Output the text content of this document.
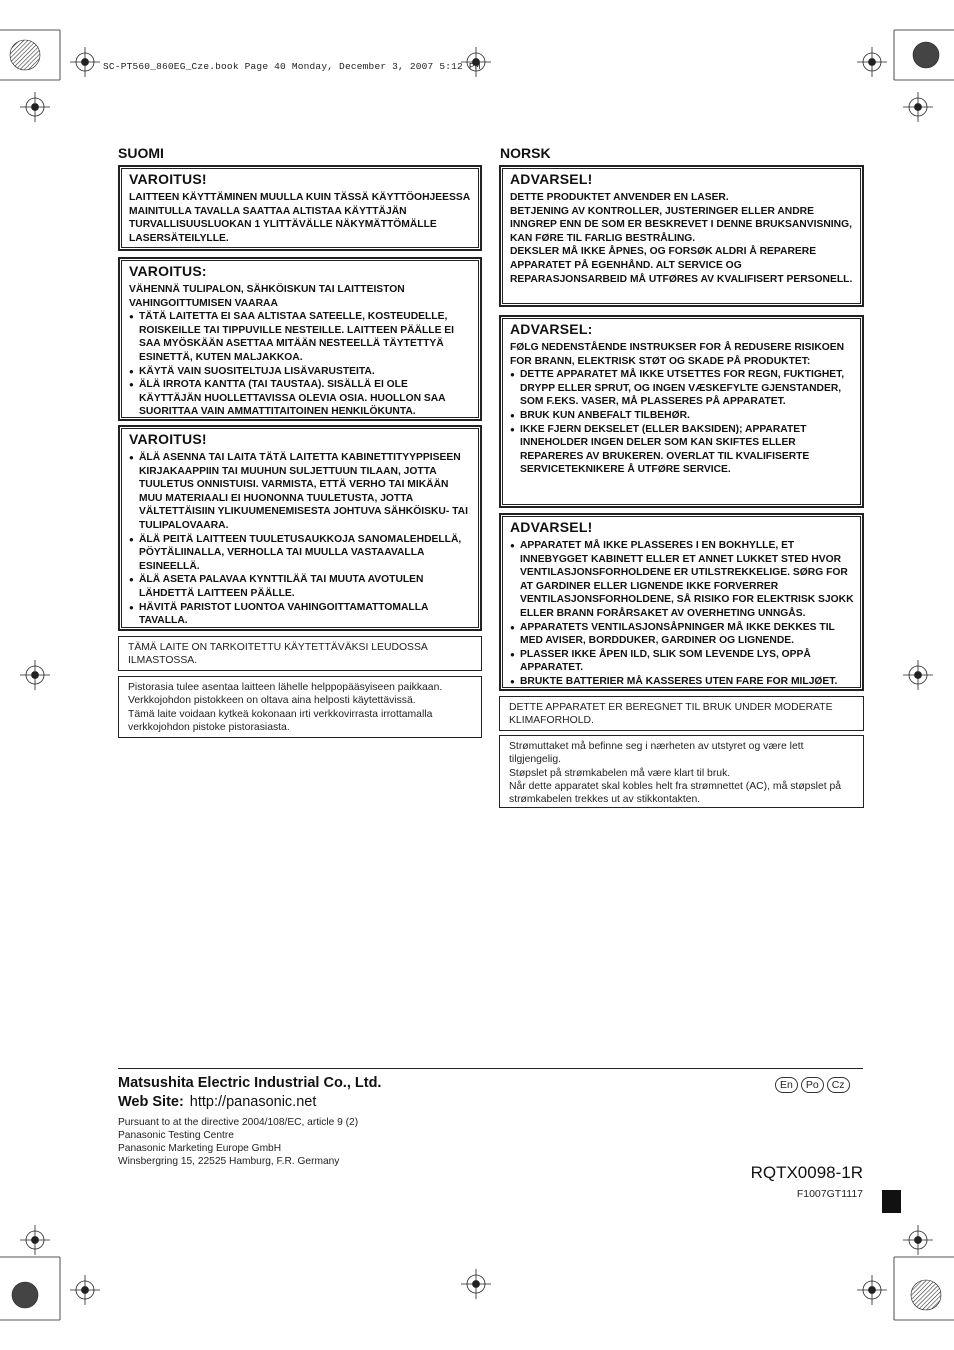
SC-PT560_860EG_Cze.book Page 40 Monday, December 3, 2007 5:12 PM
SUOMI
VAROITUS!

LAITTEEN KÄYTTÄMINEN MUULLA KUIN TÄSSÄ KÄYTTÖOHJEESSA MAINITULLA TAVALLA SAATTAA ALTISTAA KÄYTTÄJÄN TURVALLISUUSLUOKAN 1 YLITTÄVÄLLE NÄKYMÄTTÖMÄLLE LASERSÄTEILYLLE.

VAROITUS:

VÄHENNÄ TULIPALON, SÄHKÖISKUN TAI LAITTEISTON VAHINGOITTUMISEN VAARAA

● TÄTÄ LAITETTA EI SAA ALTISTAA SATEELLE, KOSTEUDELLE, ROISKEILLE TAI TIPPUVILLE NESTEILLE. LAITTEEN PÄÄLLE EI SAA MYÖSKÄÄN ASETTAA MITÄÄN NESTEELLÄ TÄYTETTYÄ ESINETTÄ, KUTEN MALJAKKOA.
● KÄYTÄ VAIN SUOSITELTUJA LISÄVARUSTEITA.
● ÄLÄ IRROTA KANTTA (TAI TAUSTAA). SISÄLLÄ EI OLE KÄYTTÄJÄN HUOLLETTAVISSA OLEVIA OSIA. HUOLLON SAA SUORITTAA VAIN AMMATTITAITOINEN HENKILÖKUNTA.
VAROITUS!
● ÄLÄ ASENNA TAI LAITA TÄTÄ LAITETTA KABINETTITYYPPISEEN KIRJAKAAPPIIN TAI MUUHUN SULJETTUUN TILAAN, JOTTA TUULETUS ONNISTUISI. VARMISTA, ETTÄ VERHO TAI MIKÄÄN MUU MATERIAALI EI HUONONNA TUULETUSTA, JOTTA VÄLTETTÄISIIN YLIKUUMENEMISESTA JOHTUVA SÄHKÖISKU- TAI TULIPALOVAARA.
● ÄLÄ PEITÄ LAITTEEN TUULETUSAUKKOJA SANOMALEHDELLÄ, PÖYTÄLIINALLA, VERHOLLA TAI MUULLA VASTAAVALLA ESINEELLÄ.
● ÄLÄ ASETA PALAVAA KYNTTILÄÄ TAI MUUTA AVOTULEN LÄHDETTÄ LAITTEEN PÄÄLLE.
● HÄVITÄ PARISTOT LUONTOA VAHINGOITTAMATTOMALLA TAVALLA.

TÄMÄ LAITE ON TARKOITETTU KÄYTETTÄVÄKSI LEUDOSSA ILMASTOSSA.

Pistorasia tulee asentaa laitteen lähelle helppopääsyiseen paikkaan.

Verkkojohdon pistokkeen on oltava aina helposti käytettävissä.

Tämä laite voidaan kytkeä kokonaan irti verkkovirrasta irrottamalla verkkojohdon pistoke pistorasiasta.

NORSK
ADVARSEL!

DETTE PRODUKTET ANVENDER EN LASER.

BETJENING AV KONTROLLER, JUSTERINGER ELLER ANDRE INNGREP ENN DE SOM ER BESKREVET I DENNE BRUKSANVISNING, KAN FØRE TIL FARLIG BESTRÅLING.

DEKSLER MÅ IKKE ÅPNES, OG FORSØK ALDRI Å REPARERE APPARATET PÅ EGENHÅND. ALT SERVICE OG REPARASJONSARBEID MÅ UTFØRES AV KVALIFISERT PERSONELL.

ADVARSEL:

FØLG NEDENSTÅENDE INSTRUKSER FOR Å REDUSERE RISIKOEN FOR BRANN, ELEKTRISK STØT OG SKADE PÅ PRODUKTET:

● DETTE APPARATET MÅ IKKE UTSETTES FOR REGN, FUKTIGHET, DRYPP ELLER SPRUT, OG INGEN VÆSKEFYLTE GJENSTANDER, SOM F.EKS. VASER, MÅ PLASSERES PÅ APPARATET.
● BRUK KUN ANBEFALT TILBEHØR.
● IKKE FJERN DEKSELET (ELLER BAKSIDEN); APPARATET INNEHOLDER INGEN DELER SOM KAN SKIFTES ELLER REPARERES AV BRUKEREN. OVERLAT TIL KVALIFISERTE SERVICETEKNIKERE Å UTFØRE SERVICE.
ADVARSEL!
● APPARATET MÅ IKKE PLASSERES I EN BOKHYLLE, ET INNEBYGGET KABINETT ELLER ET ANNET LUKKET STED HVOR VENTILASJONSFORHOLDENE ER UTILSTREKKELIGE. SØRG FOR AT GARDINER ELLER LIGNENDE IKKE FORVERRER VENTILASJONSFORHOLDENE, SÅ RISIKO FOR ELEKTRISK SJOKK ELLER BRANN FORÅRSAKET AV OVERHETING UNNGÅS.
● APPARATETS VENTILASJONSÅPNINGER MÅ IKKE DEKKES TIL MED AVISER, BORDDUKER, GARDINER OG LIGNENDE.
● PLASSER IKKE ÅPEN ILD, SLIK SOM LEVENDE LYS, OPPÅ APPARATET.
● BRUKTE BATTERIER MÅ KASSERES UTEN FARE FOR MILJØET.

DETTE APPARATET ER BEREGNET TIL BRUK UNDER MODERATE KLIMAFORHOLD.

Strømuttaket må befinne seg i nærheten av utstyret og være lett tilgjengelig.

Støpslet på strømkabelen må være klart til bruk.

Når dette apparatet skal kobles helt fra strømnettet (AC), må støpslet på strømkabelen trekkes ut av stikkontakten.

Matsushita Electric Industrial Co., Ltd.
Web Site: http://panasonic.net

Pursuant to at the directive 2004/108/EC, article 9 (2)

Panasonic Testing Centre

Panasonic Marketing Europe GmbH

Winsbergring 15, 22525 Hamburg, F.R. Germany

En	Po	Cz
RQTX0098-1R
F1007GT1117
